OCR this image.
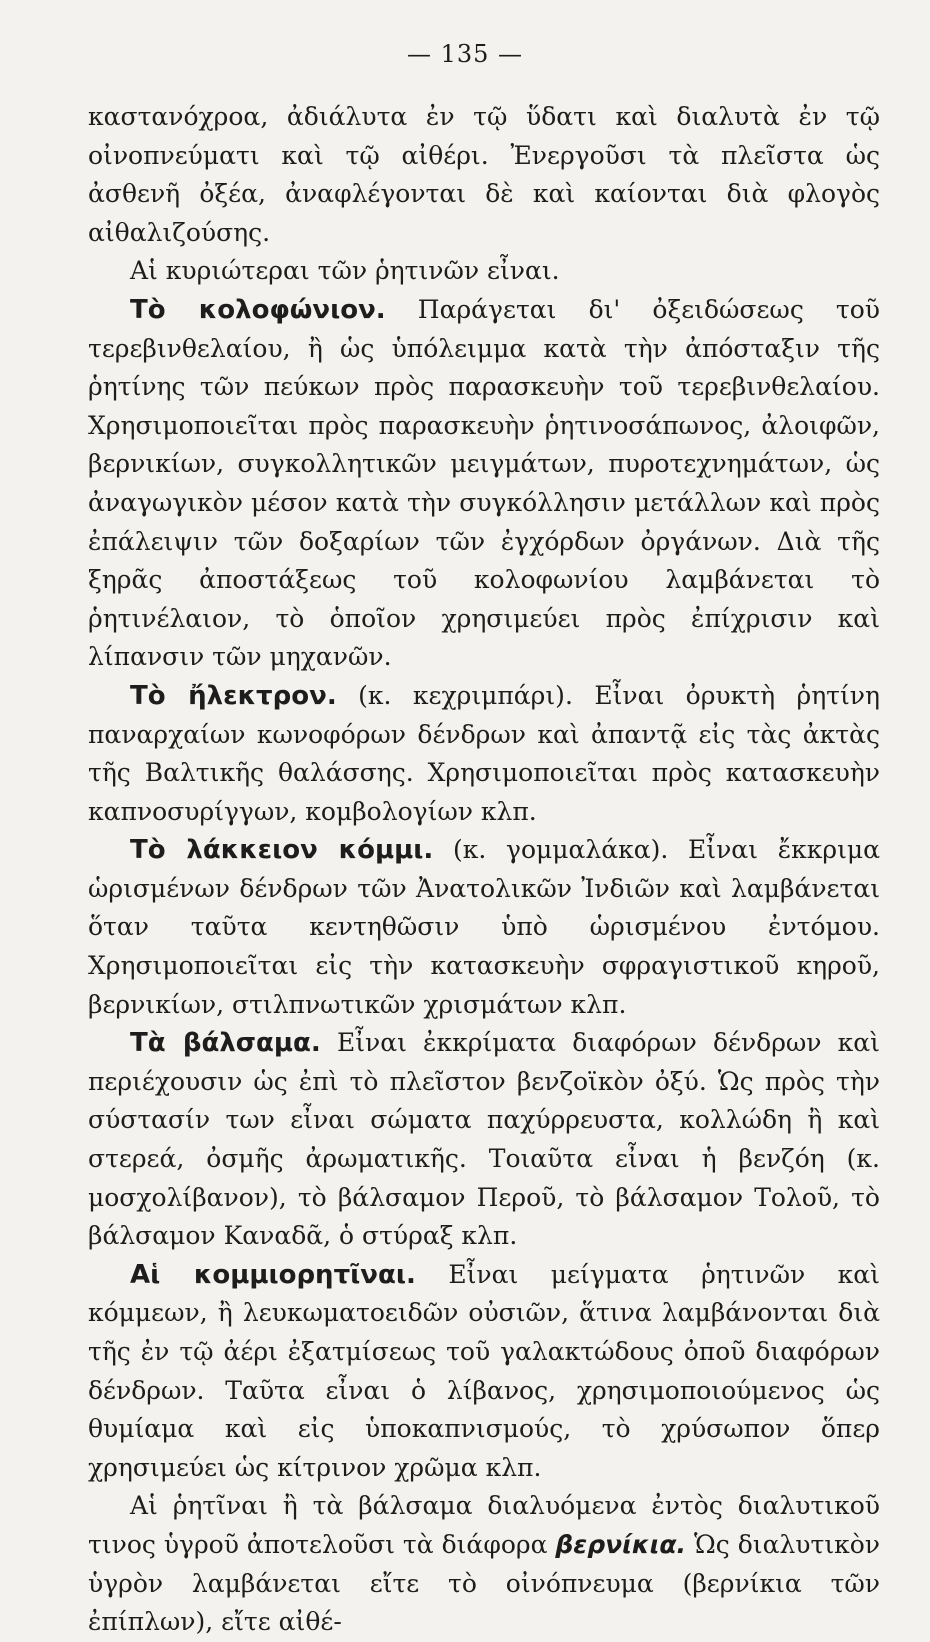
— 135 —

καστανόχροα, ἀδιάλυτα ἐν τῷ ὕδατι καὶ διαλυτὰ ἐν τῷ οἰνοπνεύματι καὶ τῷ αἰθέρι. Ἐνεργοῦσι τὰ πλεῖστα ὡς ἀσθενῆ ὀξέα, ἀναφλέγονται δὲ καὶ καίονται διὰ φλογὸς αἰθαλιζούσης.

Αἱ κυριώτεραι τῶν ῥητινῶν εἶναι.

Τὸ κολοφώνιον. Παράγεται δι' ὀξειδώσεως τοῦ τερεβινθελαίου, ἢ ὡς ὑπόλειμμα κατὰ τὴν ἀπόσταξιν τῆς ῥητίνης τῶν πεύκων πρὸς παρασκευὴν τοῦ τερεβινθελαίου. Χρησιμοποιεῖται πρὸς παρασκευὴν ῥητινοσάπωνος, ἀλοιφῶν, βερνικίων, συγκολλητικῶν μειγμάτων, πυροτεχνημάτων, ὡς ἀναγωγικὸν μέσον κατὰ τὴν συγκόλλησιν μετάλλων καὶ πρὸς ἐπάλειψιν τῶν δοξαρίων τῶν ἐγχόρδων ὀργάνων. Διὰ τῆς ξηρᾶς ἀποστάξεως τοῦ κολοφωνίου λαμβάνεται τὸ ῥητινέλαιον, τὸ ὁποῖον χρησιμεύει πρὸς ἐπίχρισιν καὶ λίπανσιν τῶν μηχανῶν.

Τὸ ἤλεκτρον. (κ. κεχριμπάρι). Εἶναι ὀρυκτὴ ῥητίνη παναρχαίων κωνοφόρων δένδρων καὶ ἀπαντᾷ εἰς τὰς ἀκτὰς τῆς Βαλτικῆς θαλάσσης. Χρησιμοποιεῖται πρὸς κατασκευὴν καπνοσυρίγγων, κομβολογίων κλπ.

Τὸ λάκκειον κόμμι. (κ. γομμαλάκα). Εἶναι ἔκκριμα ὡρισμένων δένδρων τῶν Ἀνατολικῶν Ἰνδιῶν καὶ λαμβάνεται ὅταν ταῦτα κεντηθῶσιν ὑπὸ ὡρισμένου ἐντόμου. Χρησιμοποιεῖται εἰς τὴν κατασκευὴν σφραγιστικοῦ κηροῦ, βερνικίων, στιλπνωτικῶν χρισμάτων κλπ.

Τὰ βάλσαμα. Εἶναι ἐκκρίματα διαφόρων δένδρων καὶ περιέχουσιν ὡς ἐπὶ τὸ πλεῖστον βενζοϊκὸν ὀξύ. Ὡς πρὸς τὴν σύστασίν των εἶναι σώματα παχύρρευστα, κολλώδη ἢ καὶ στερεά, ὀσμῆς ἀρωματικῆς. Τοιαῦτα εἶναι ἡ βενζόη (κ. μοσχολίβανον), τὸ βάλσαμον Περοῦ, τὸ βάλσαμον Τολοῦ, τὸ βάλσαμον Καναδᾶ, ὁ στύραξ κλπ.

Αἱ κομμιορητῖναι. Εἶναι μείγματα ῥητινῶν καὶ κόμμεων, ἢ λευκωματοειδῶν οὐσιῶν, ἅτινα λαμβάνονται διὰ τῆς ἐν τῷ ἀέρι ἐξατμίσεως τοῦ γαλακτώδους ὀποῦ διαφόρων δένδρων. Ταῦτα εἶναι ὁ λίβανος, χρησιμοποιούμενος ὡς θυμίαμα καὶ εἰς ὑποκαπνισμούς, τὸ χρύσωπον ὅπερ χρησιμεύει ὡς κίτρινον χρῶμα κλπ.

Αἱ ῥητῖναι ἢ τὰ βάλσαμα διαλυόμενα ἐντὸς διαλυτικοῦ τινος ὑγροῦ ἀποτελοῦσι τὰ διάφορα βερνίκια. Ὡς διαλυτικὸν ὑγρὸν λαμβάνεται εἴτε τὸ οἰνόπνευμα (βερνίκια τῶν ἐπίπλων), εἴτε αἰθέ-
